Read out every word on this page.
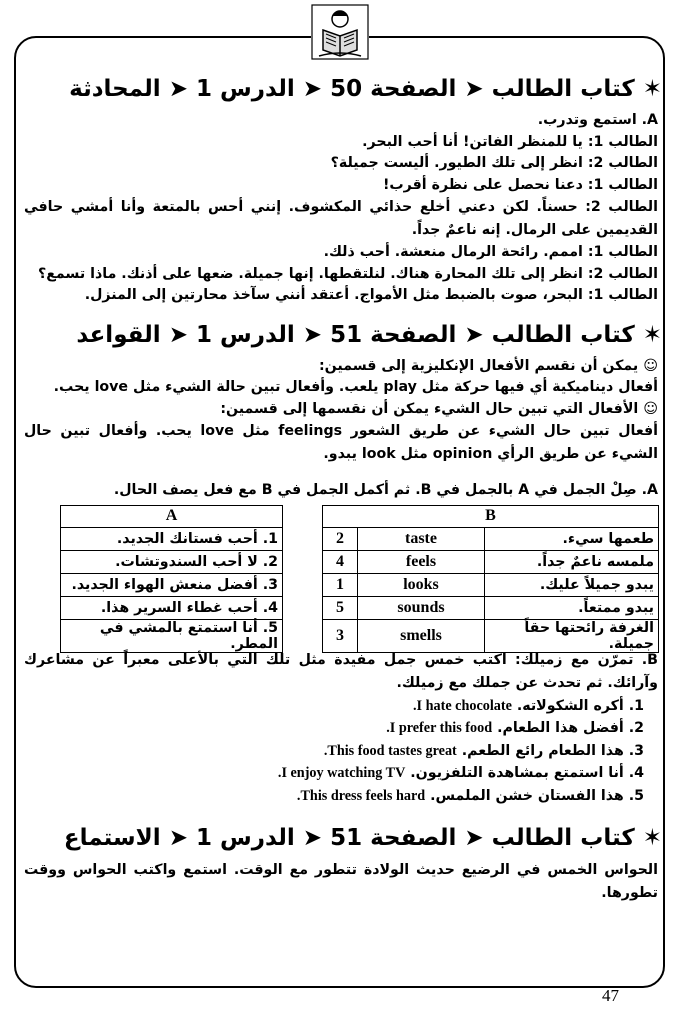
✶ كتاب الطالب ➤ الصفحة 50 ➤ الدرس 1 ➤ المحادثة
A. استمع وتدرب.
الطالب 1: يا للمنظر الفاتن! أنا أحب البحر.
الطالب 2: انظر إلى تلك الطيور. أليست جميلة؟
الطالب 1: دعنا نحصل على نظرة أقرب!
الطالب 2: حسناً. لكن دعني أخلع حذائي المكشوف. إنني أحس بالمتعة وأنا أمشي حافي القديمين على الرمال. إنه ناعمٌ جداً.
الطالب 1: اممم. رائحة الرمال منعشة. أحب ذلك.
الطالب 2: انظر إلى تلك المحارة هناك. لنلتقطها. إنها جميلة. ضعها على أذنك. ماذا تسمع؟
الطالب 1: البحر، صوت بالضبط مثل الأمواج. أعتقد أنني سآخذ محارتين إلى المنزل.
✶ كتاب الطالب ➤ الصفحة 51 ➤ الدرس 1 ➤ القواعد
☺ يمكن أن نقسم الأفعال الإنكليزية إلى قسمين:
أفعال ديناميكية أي فيها حركة مثل play يلعب. وأفعال تبين حالة الشيء مثل love يحب.
☺ الأفعال التي تبين حال الشيء يمكن أن نقسمها إلى قسمين:
أفعال تبين حال الشيء عن طريق الشعور feelings مثل love يحب. وأفعال تبين حال الشيء عن طريق الرأي opinion مثل look يبدو.
A. صِلْ الجمل في A بالجمل في B. ثم أكمل الجمل في B مع فعل يصف الحال.
B		
طعمها سيء.	taste	2
ملمسه ناعمٌ جداً.	feels	4
يبدو جميلاً عليك.	looks	1
يبدو ممتعاً.	sounds	5
الغرفة رائحتها حقاً جميلة.	smells	3
A
1. أحب فستانك الجديد.
2. لا أحب السندوتشات.
3. أفضل منعش الهواء الجديد.
4. أحب غطاء السرير هذا.
5. أنا استمتع بالمشي في المطر.
B. تمرّن مع زميلك: اكتب خمس جمل مفيدة مثل تلك التي بالأعلى معبراً عن مشاعرك وآرائك. ثم تحدث عن جملك مع زميلك.
1. أكره الشكولاته. I hate chocolate.
2. أفضل هذا الطعام. I prefer this food.
3. هذا الطعام رائع الطعم. This food tastes great.
4. أنا استمتع بمشاهدة التلفزيون. I enjoy watching TV.
5. هذا الفستان خشن الملمس. This dress feels hard.
✶ كتاب الطالب ➤ الصفحة 51 ➤ الدرس 1 ➤ الاستماع
الحواس الخمس في الرضيع حديث الولادة تتطور مع الوقت. استمع واكتب الحواس ووقت تطورها.
47
